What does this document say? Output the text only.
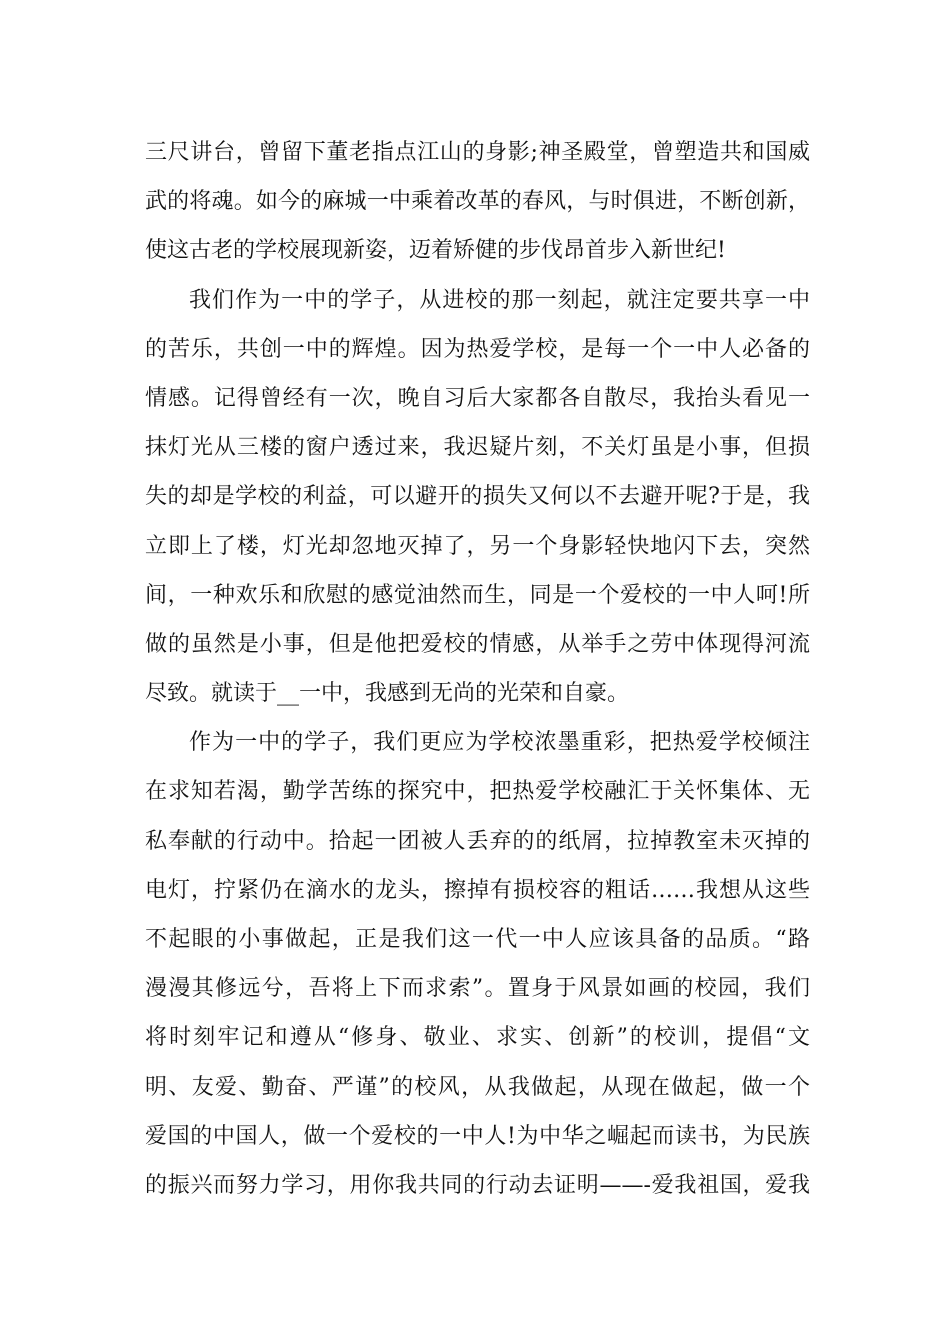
三尺讲台，曾留下董老指点江山的身影;神圣殿堂，曾塑造共和国威
武的将魂。如今的麻城一中乘着改革的春风，与时俱进，不断创新，
使这古老的学校展现新姿，迈着矫健的步伐昂首步入新世纪!
我们作为一中的学子，从进校的那一刻起，就注定要共享一中
的苦乐，共创一中的辉煌。因为热爱学校，是每一个一中人必备的
情感。记得曾经有一次，晚自习后大家都各自散尽，我抬头看见一
抹灯光从三楼的窗户透过来，我迟疑片刻，不关灯虽是小事，但损
失的却是学校的利益，可以避开的损失又何以不去避开呢?于是，我
立即上了楼，灯光却忽地灭掉了，另一个身影轻快地闪下去，突然
间，一种欢乐和欣慰的感觉油然而生，同是一个爱校的一中人呵!所
做的虽然是小事，但是他把爱校的情感，从举手之劳中体现得河流
尽致。就读于__一中，我感到无尚的光荣和自豪。
作为一中的学子，我们更应为学校浓墨重彩，把热爱学校倾注
在求知若渴，勤学苦练的探究中，把热爱学校融汇于关怀集体、无
私奉献的行动中。拾起一团被人丢弃的的纸屑，拉掉教室未灭掉的
电灯，拧紧仍在滴水的龙头，擦掉有损校容的粗话……我想从这些
不起眼的小事做起，正是我们这一代一中人应该具备的品质。“路
漫漫其修远兮，吾将上下而求索”。置身于风景如画的校园，我们
将时刻牢记和遵从“修身、敬业、求实、创新”的校训，提倡“文
明、友爱、勤奋、严谨”的校风，从我做起，从现在做起，做一个
爱国的中国人，做一个爱校的一中人!为中华之崛起而读书，为民族
的振兴而努力学习，用你我共同的行动去证明——-爱我祖国，爱我
